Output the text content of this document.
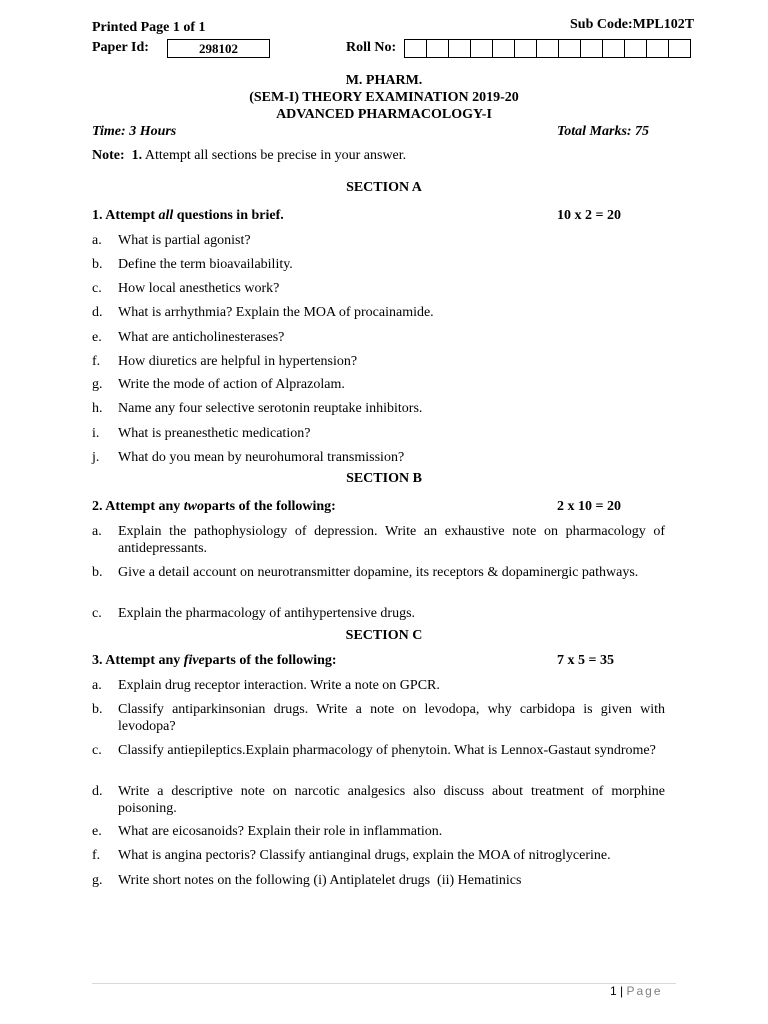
Printed Page 1 of 1	Sub Code:MPL102T
Paper Id:	298102	Roll No:
M. PHARM.
(SEM-I) THEORY EXAMINATION 2019-20
ADVANCED PHARMACOLOGY-I
Time: 3 Hours	Total Marks: 75
Note: 1. Attempt all sections be precise in your answer.
SECTION A
1. Attempt all questions in brief.	10 x 2 = 20
a. What is partial agonist?
b. Define the term bioavailability.
c. How local anesthetics work?
d. What is arrhythmia? Explain the MOA of procainamide.
e. What are anticholinesterases?
f. How diuretics are helpful in hypertension?
g. Write the mode of action of Alprazolam.
h. Name any four selective serotonin reuptake inhibitors.
i. What is preanesthetic medication?
j. What do you mean by neurohumoral transmission?
SECTION B
2. Attempt any twoparts of the following:	2 x 10 = 20
a. Explain the pathophysiology of depression. Write an exhaustive note on pharmacology of antidepressants.
b. Give a detail account on neurotransmitter dopamine, its receptors & dopaminergic pathways.
c. Explain the pharmacology of antihypertensive drugs.
SECTION C
3. Attempt any fiveparts of the following:	7 x 5 = 35
a. Explain drug receptor interaction. Write a note on GPCR.
b. Classify antiparkinsonian drugs. Write a note on levodopa, why carbidopa is given with levodopa?
c. Classify antiepileptics.Explain pharmacology of phenytoin. What is Lennox-Gastaut syndrome?
d. Write a descriptive note on narcotic analgesics also discuss about treatment of morphine poisoning.
e. What are eicosanoids? Explain their role in inflammation.
f. What is angina pectoris? Classify antianginal drugs, explain the MOA of nitroglycerine.
g. Write short notes on the following (i) Antiplatelet drugs  (ii) Hematinics
1 | Page
